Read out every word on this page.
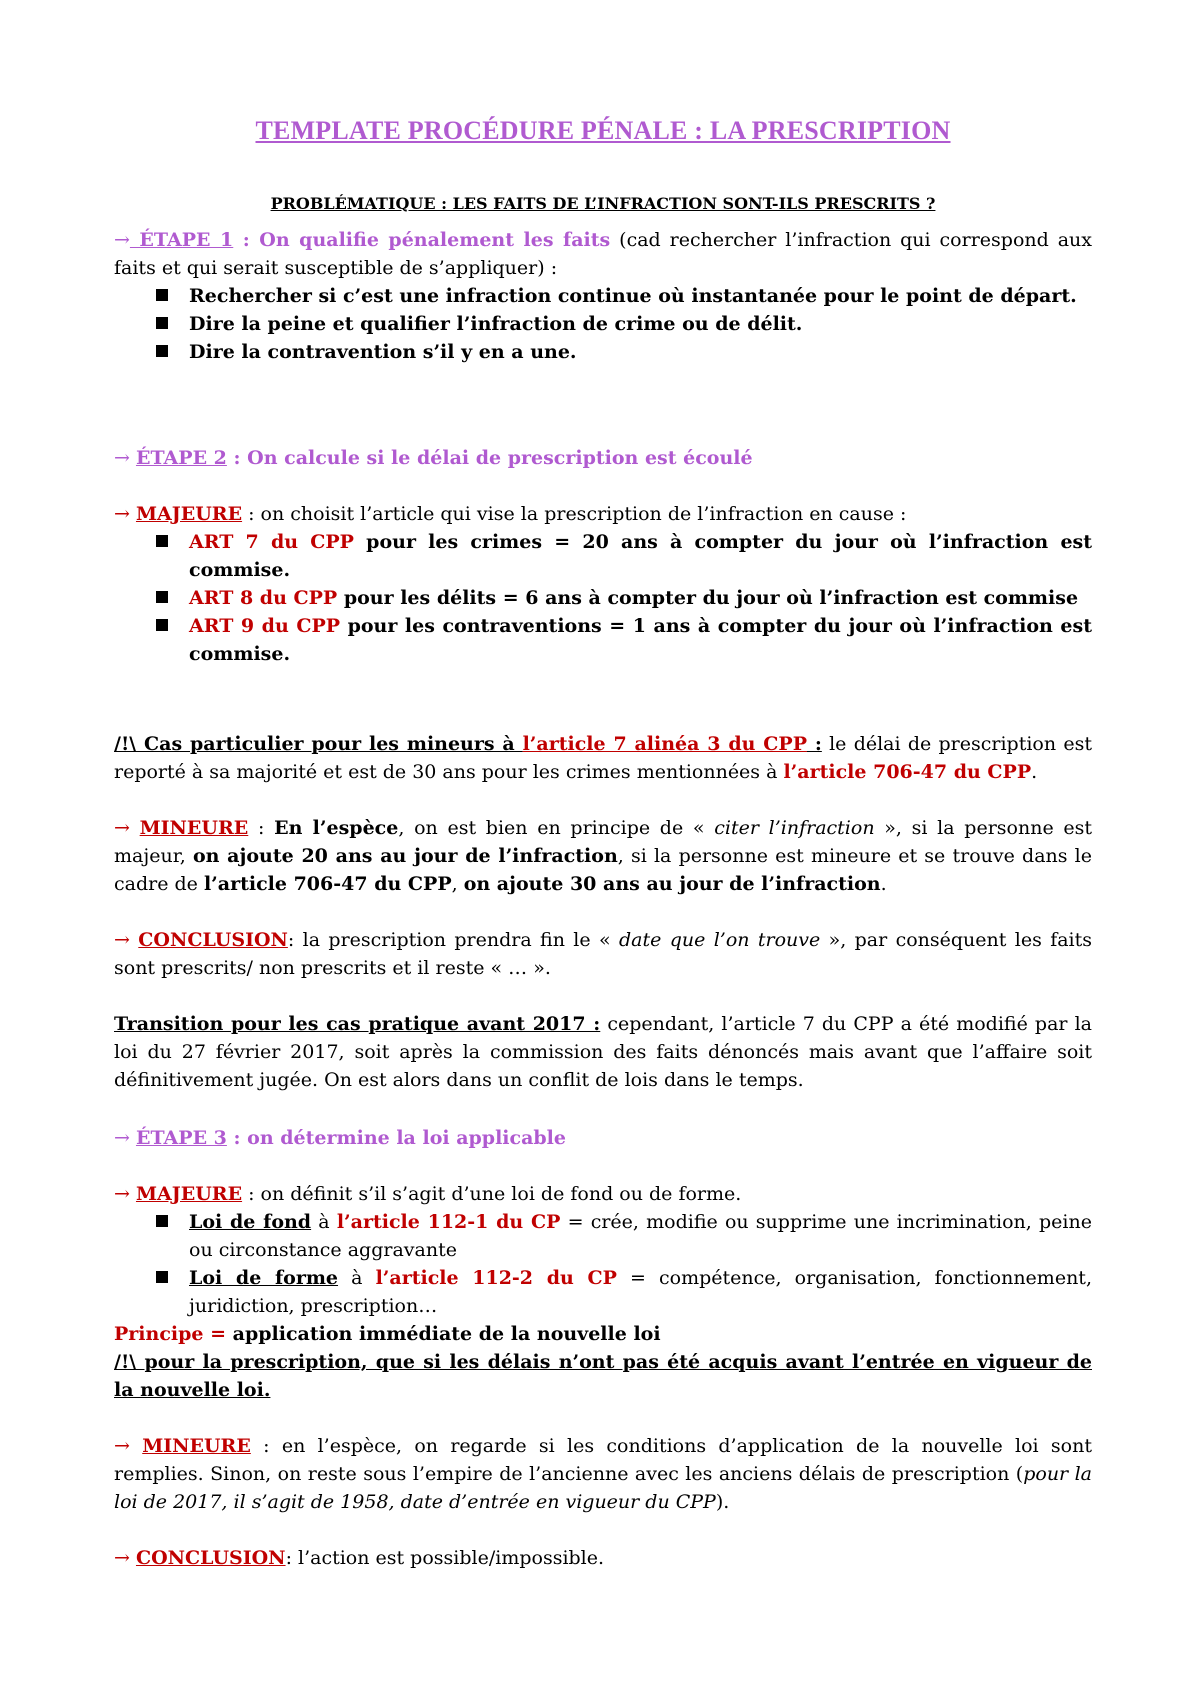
TEMPLATE PROCÉDURE PÉNALE : LA PRESCRIPTION
PROBLÉMATIQUE : LES FAITS DE L’INFRACTION SONT-ILS PRESCRITS ?
→ ÉTAPE 1 : On qualifie pénalement les faits (cad rechercher l’infraction qui correspond aux faits et qui serait susceptible de s’appliquer) :
Rechercher si c’est une infraction continue où instantanée pour le point de départ.
Dire la peine et qualifier l’infraction de crime ou de délit.
Dire la contravention s’il y en a une.
→ ÉTAPE 2 : On calcule si le délai de prescription est écoulé
→ MAJEURE : on choisit l’article qui vise la prescription de l’infraction en cause :
ART 7 du CPP pour les crimes = 20 ans à compter du jour où l’infraction est commise.
ART 8 du CPP pour les délits = 6 ans à compter du jour où l’infraction est commise
ART 9 du CPP pour les contraventions = 1 ans à compter du jour où l’infraction est commise.
/!\ Cas particulier pour les mineurs à l’article 7 alinéa 3 du CPP : le délai de prescription est reporté à sa majorité et est de 30 ans pour les crimes mentionnées à l’article 706-47 du CPP.
→ MINEURE : En l’espèce, on est bien en principe de « citer l’infraction », si la personne est majeur, on ajoute 20 ans au jour de l’infraction, si la personne est mineure et se trouve dans le cadre de l’article 706-47 du CPP, on ajoute 30 ans au jour de l’infraction.
→ CONCLUSION: la prescription prendra fin le « date que l’on trouve », par conséquent les faits sont prescrits/ non prescrits et il reste « … ».
Transition pour les cas pratique avant 2017 : cependant, l’article 7 du CPP a été modifié par la loi du 27 février 2017, soit après la commission des faits dénoncés mais avant que l’affaire soit définitivement jugée. On est alors dans un conflit de lois dans le temps.
→ ÉTAPE 3 : on détermine la loi applicable
→ MAJEURE : on définit s’il s’agit d’une loi de fond ou de forme.
Loi de fond à l’article 112-1 du CP = crée, modifie ou supprime une incrimination, peine ou circonstance aggravante
Loi de forme à l’article 112-2 du CP = compétence, organisation, fonctionnement, juridiction, prescription…
Principe = application immédiate de la nouvelle loi
/!\ pour la prescription, que si les délais n’ont pas été acquis avant l’entrée en vigueur de la nouvelle loi.
→ MINEURE : en l’espèce, on regarde si les conditions d’application de la nouvelle loi sont remplies. Sinon, on reste sous l’empire de l’ancienne avec les anciens délais de prescription (pour la loi de 2017, il s’agit de 1958, date d’entrée en vigueur du CPP).
→ CONCLUSION: l’action est possible/impossible.
